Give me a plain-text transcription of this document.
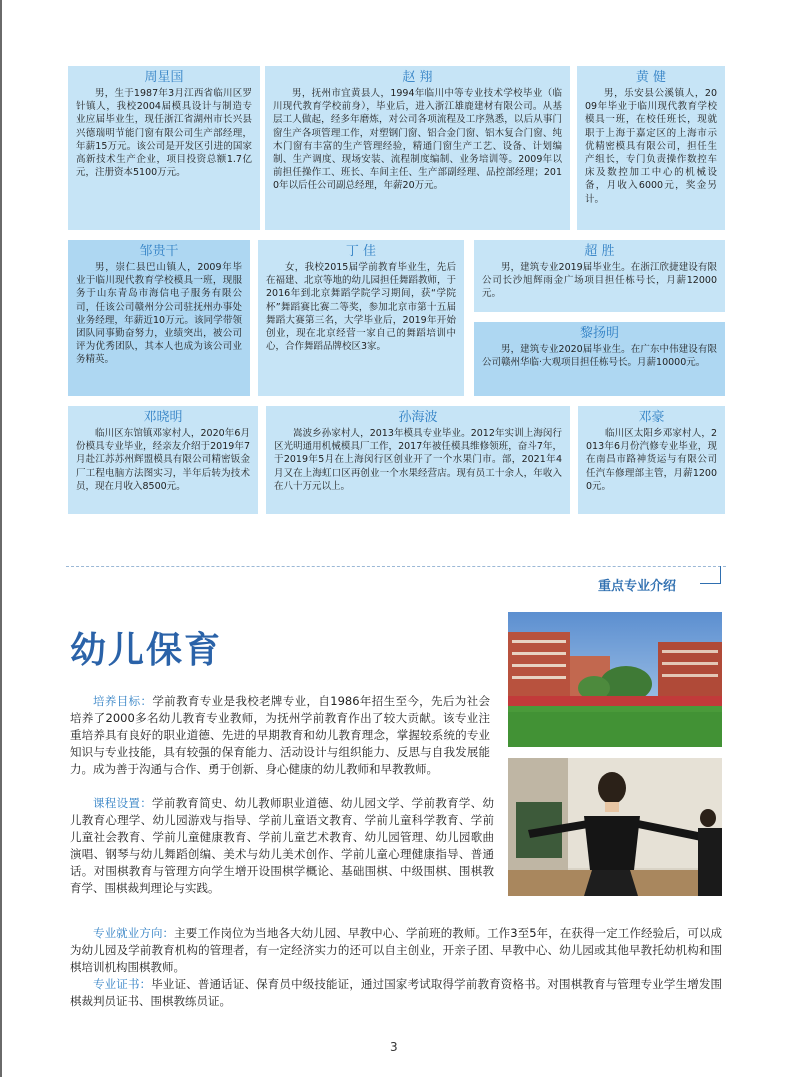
周星国
男，生于1987年3月江西省临川区罗针镇人，我校2004届模具设计与制造专业应届毕业生，现任浙江省湖州市长兴县兴德瑞明节能门窗有限公司生产部经理，年薪15万元。该公司是开发区引进的国家高新技术生产企业，项目投资总额1.7亿元，注册资本5100万元。
赵 翔
男，抚州市宜黄县人，1994年临川中等专业技术学校毕业（临川现代教育学校前身），毕业后，进入浙江雄鹿建材有限公司。从基层工人做起，经多年磨炼，对公司各项流程及工序熟悉，以后从事门窗生产各项管理工作，对塑钢门窗、铝合金门窗、铝木复合门窗、纯木门窗有丰富的生产管理经验，精通门窗生产工艺、设备、计划编制、生产调度、现场安装、流程制度编制、业务培训等。2009年以前担任操作工、班长、车间主任、生产部副经理、品控部经理；2010年以后任公司副总经理，年薪20万元。
黄 健
男，乐安县公溪镇人，2009年毕业于临川现代教育学校模具一班，在校任班长，现就职于上海于嘉定区的上海市示优精密模具有限公司，担任生产组长，专门负责操作数控车床及数控加工中心的机械设备，月收入6000元，奖金另计。
邹贵干
男，崇仁县巴山镇人，2009年毕业于临川现代教育学校模具一班，现服务于山东青岛市海信电子服务有限公司，任该公司赣州分公司驻抚州办事处业务经理，年薪近10万元。该同学带领团队同事勤奋努力，业绩突出，被公司评为优秀团队，其本人也成为该公司业务精英。
丁 佳
女，我校2015届学前教育毕业生，先后在福建、北京等地的幼儿园担任舞蹈教师，于2016年到北京舞蹈学院学习期间，获“学院杯”舞蹈赛比赛二等奖，参加北京市第十五届舞蹈大赛第三名，大学毕业后，2019年开始创业，现在北京经营一家自己的舞蹈培训中心，合作舞蹈品牌校区3家。
超 胜
男，建筑专业2019届毕业生。在浙江欣捷建设有限公司长沙旭辉雨金广场项目担任栋号长，月薪12000元。
黎扬明
男，建筑专业2020届毕业生。在广东中伟建设有限公司赣州华临·大观项目担任栋号长。月薪10000元。
邓晓明
临川区东馆镇邓家村人，2020年6月份模具专业毕业，经亲友介绍于2019年7月赴江苏苏州辉盟模具有限公司精密钣金厂工程电脑方法图实习，半年后转为技术员，现在月收入8500元。
孙海波
嵩波乡孙家村人，2013年模具专业毕业。2012年实训上海闵行区光明通用机械模具厂工作，2017年被任模具维修领班，奋斗7年，于2019年5月在上海闵行区创业开了一个水果门市。部，2021年4月又在上海虹口区再创业一个水果经营店。现有员工十余人，年收入在八十万元以上。
邓豪
临川区太阳乡邓家村人，2013年6月份汽修专业毕业，现在南昌市路神货运与有限公司任汽车修理部主管，月薪12000元。
重点专业介绍
幼儿保育

培养目标：学前教育专业是我校老牌专业，自1986年招生至今，先后为社会培养了2000多名幼儿教育专业教师，为抚州学前教育作出了较大贡献。该专业注重培养具有良好的职业道德、先进的早期教育和幼儿教育理念，掌握较系统的专业知识与专业技能，具有较强的保育能力、活动设计与组织能力、反思与自我发展能力。成为善于沟通与合作、勇于创新、身心健康的幼儿教师和早教教师。

课程设置：学前教育简史、幼儿教师职业道德、幼儿园文学、学前教育学、幼儿教育心理学、幼儿园游戏与指导、学前儿童语文教育、学前儿童科学教育、学前儿童社会教育、学前儿童健康教育、学前儿童艺术教育、幼儿园管理、幼儿园歌曲演唱、钢琴与幼儿舞蹈创编、美术与幼儿美术创作、学前儿童心理健康指导、普通话。对围棋教育与管理方向学生增开设围棋学概论、基础围棋、中级围棋、围棋教育学、围棋裁判理论与实践。

专业就业方向：主要工作岗位为当地各大幼儿园、早教中心、学前班的教师。工作3至5年，在获得一定工作经验后，可以成为幼儿园及学前教育机构的管理者，有一定经济实力的还可以自主创业，开亲子团、早教中心、幼儿园或其他早教托幼机构和围棋培训机构围棋教师。

专业证书：毕业证、普通话证、保育员中级技能证，通过国家考试取得学前教育资格书。对围棋教育与管理专业学生增发围棋裁判员证书、围棋教练员证。

3
